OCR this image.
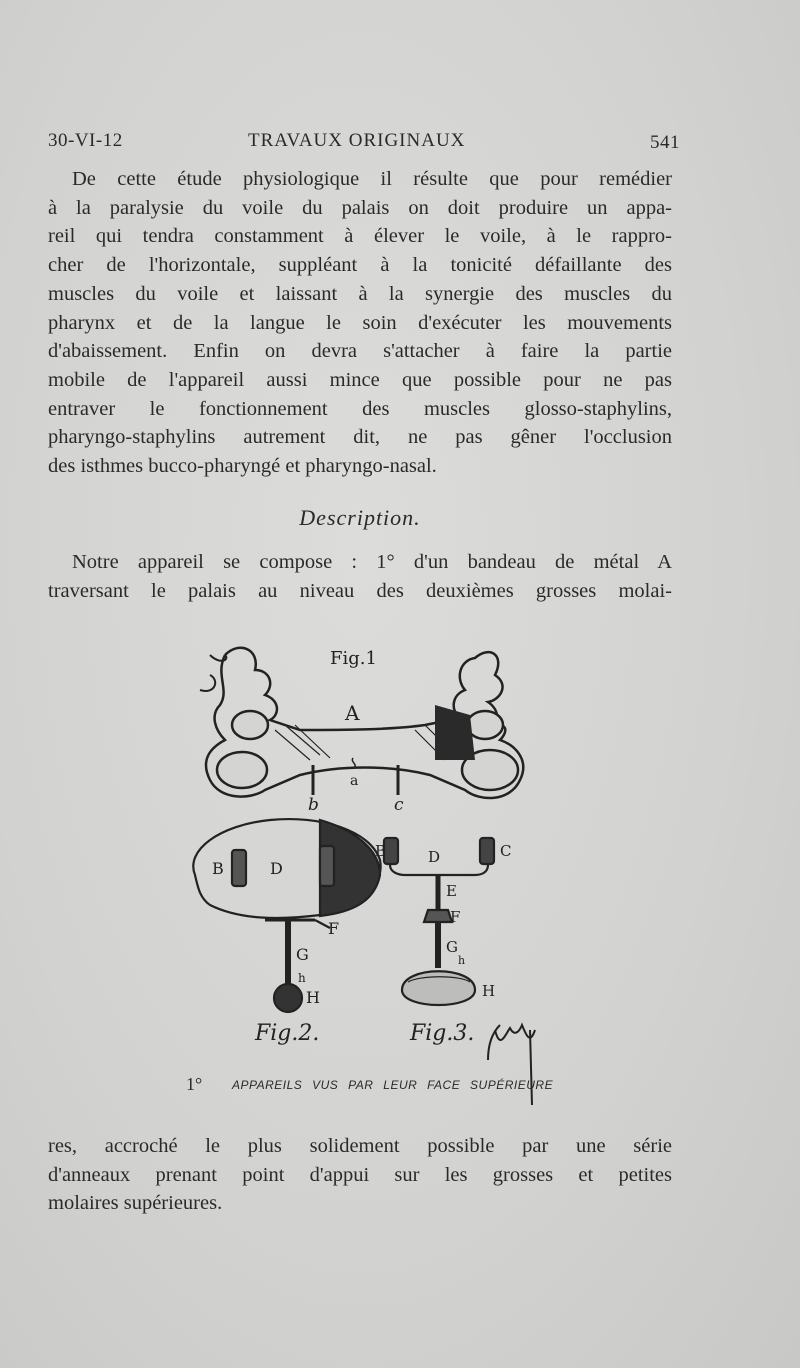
30-VI-12	TRAVAUX ORIGINAUX	541
De cette étude physiologique il résulte que pour remédier
à la paralysie du voile du palais on doit produire un appa-
reil qui tendra constamment à élever le voile, à le rappro-
cher de l'horizontale, suppléant à la tonicité défaillante des
muscles du voile et laissant à la synergie des muscles du
pharynx et de la langue le soin d'exécuter les mouvements
d'abaissement. Enfin on devra s'attacher à faire la partie
mobile de l'appareil aussi mince que possible pour ne pas
entraver le fonctionnement des muscles glosso-staphylins,
pharyngo-staphylins autrement dit, ne pas gêner l'occlusion
des isthmes bucco-pharyngé et pharyngo-nasal.
Description.
Notre appareil se compose : 1° d'un bandeau de métal A
traversant le palais au niveau des deuxièmes grosses molai-
Fig.1
A
a
b	c
B	D
F
G
h
H
B	D	C
E
F
G
h
H
Fig.2.	Fig.3.
1° APPAREILS VUS PAR LEUR FACE SUPÉRIEURE
res, accroché le plus solidement possible par une série
d'anneaux prenant point d'appui sur les grosses et petites
molaires supérieures.
